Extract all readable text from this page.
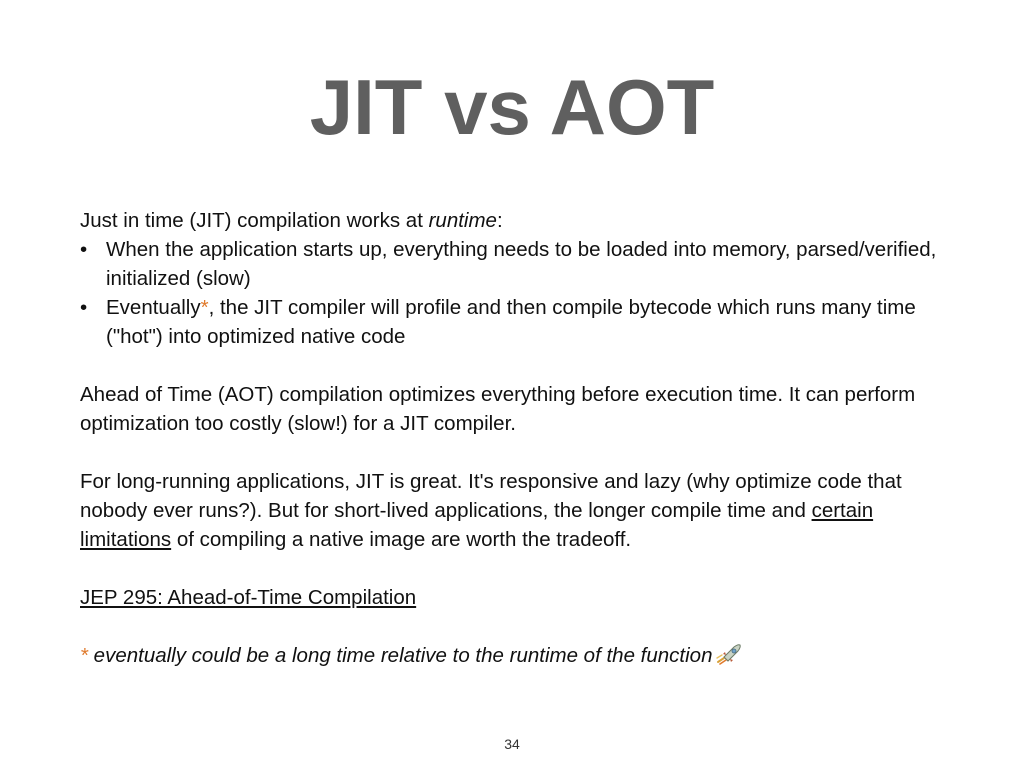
JIT vs AOT

Just in time (JIT) compilation works at runtime:

• When the application starts up, everything needs to be loaded into memory, parsed/verified, initialized (slow)
• Eventually*, the JIT compiler will profile and then compile bytecode which runs many time ("hot") into optimized native code

Ahead of Time (AOT) compilation optimizes everything before execution time. It can perform optimization too costly (slow!) for a JIT compiler.

For long-running applications, JIT is great. It's responsive and lazy (why optimize code that nobody ever runs?). But for short-lived applications, the longer compile time and certain limitations of compiling a native image are worth the tradeoff.

JEP 295: Ahead-of-Time Compilation

* eventually could be a long time relative to the runtime of the function

34
